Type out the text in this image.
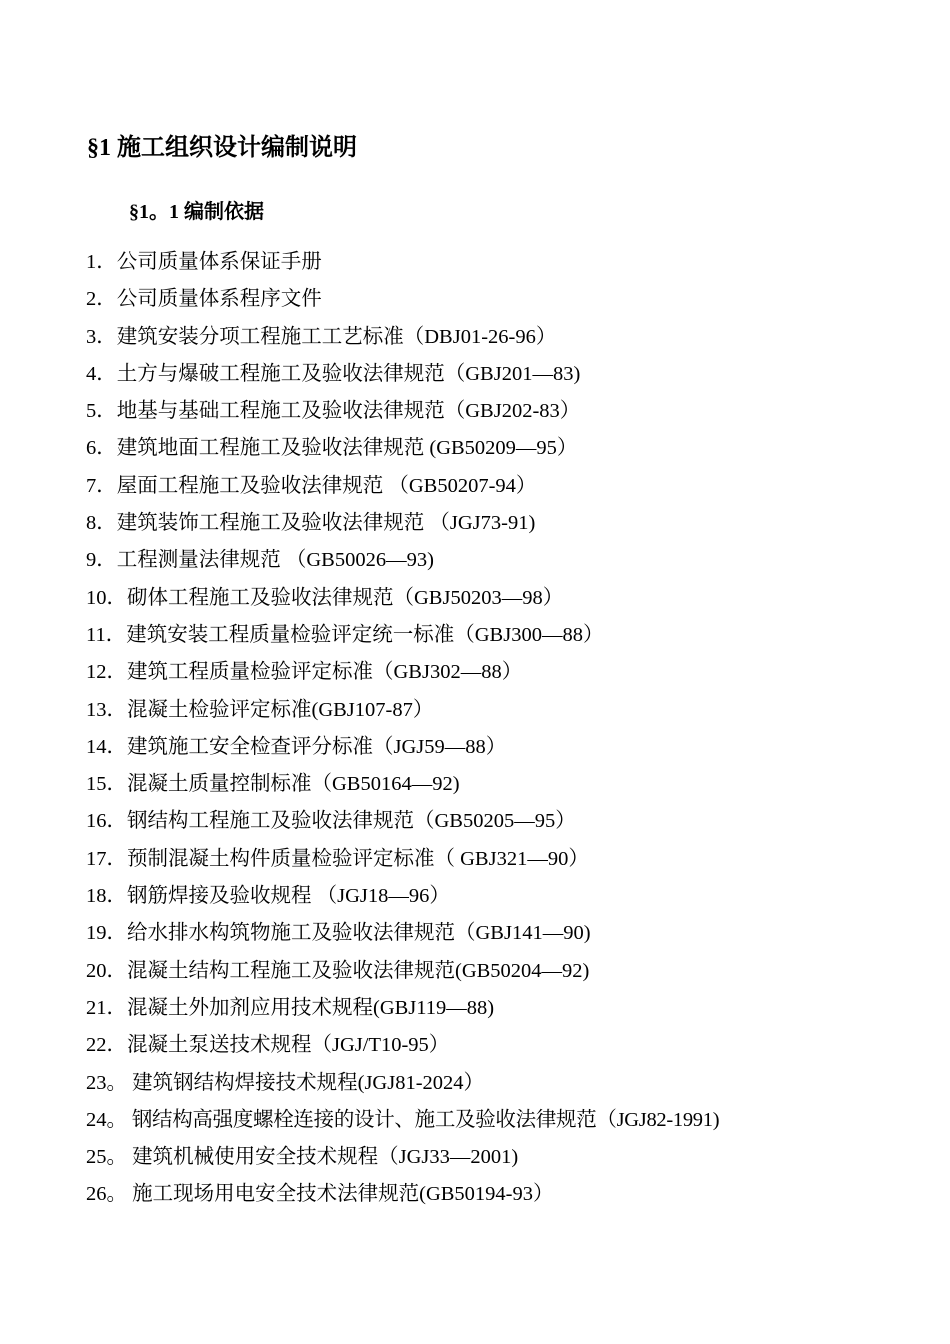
§1 施工组织设计编制说明
§1。1 编制依据
1．公司质量体系保证手册
2．公司质量体系程序文件
3．建筑安装分项工程施工工艺标准（DBJ01-26-96）
4．土方与爆破工程施工及验收法律规范（GBJ201—83)
5．地基与基础工程施工及验收法律规范（GBJ202-83）
6．建筑地面工程施工及验收法律规范 (GB50209—95）
7．屋面工程施工及验收法律规范 （GB50207-94）
8．建筑装饰工程施工及验收法律规范 （JGJ73-91)
9．工程测量法律规范 （GB50026—93)
10．砌体工程施工及验收法律规范（GBJ50203—98）
11．建筑安装工程质量检验评定统一标准（GBJ300—88）
12．建筑工程质量检验评定标准（GBJ302—88）
13．混凝土检验评定标准(GBJ107-87）
14．建筑施工安全检查评分标准（JGJ59—88）
15．混凝土质量控制标准（GB50164—92)
16．钢结构工程施工及验收法律规范（GB50205—95）
17．预制混凝土构件质量检验评定标准（ GBJ321—90）
18．钢筋焊接及验收规程 （JGJ18—96）
19．给水排水构筑物施工及验收法律规范（GBJ141—90)
20．混凝土结构工程施工及验收法律规范(GB50204—92)
21．混凝土外加剂应用技术规程(GBJ119—88)
22．混凝土泵送技术规程（JGJ/T10-95）
23。 建筑钢结构焊接技术规程(JGJ81-2024）
24。 钢结构高强度螺栓连接的设计、施工及验收法律规范（JGJ82-1991)
25。 建筑机械使用安全技术规程（JGJ33—2001)
26。 施工现场用电安全技术法律规范(GB50194-93）
